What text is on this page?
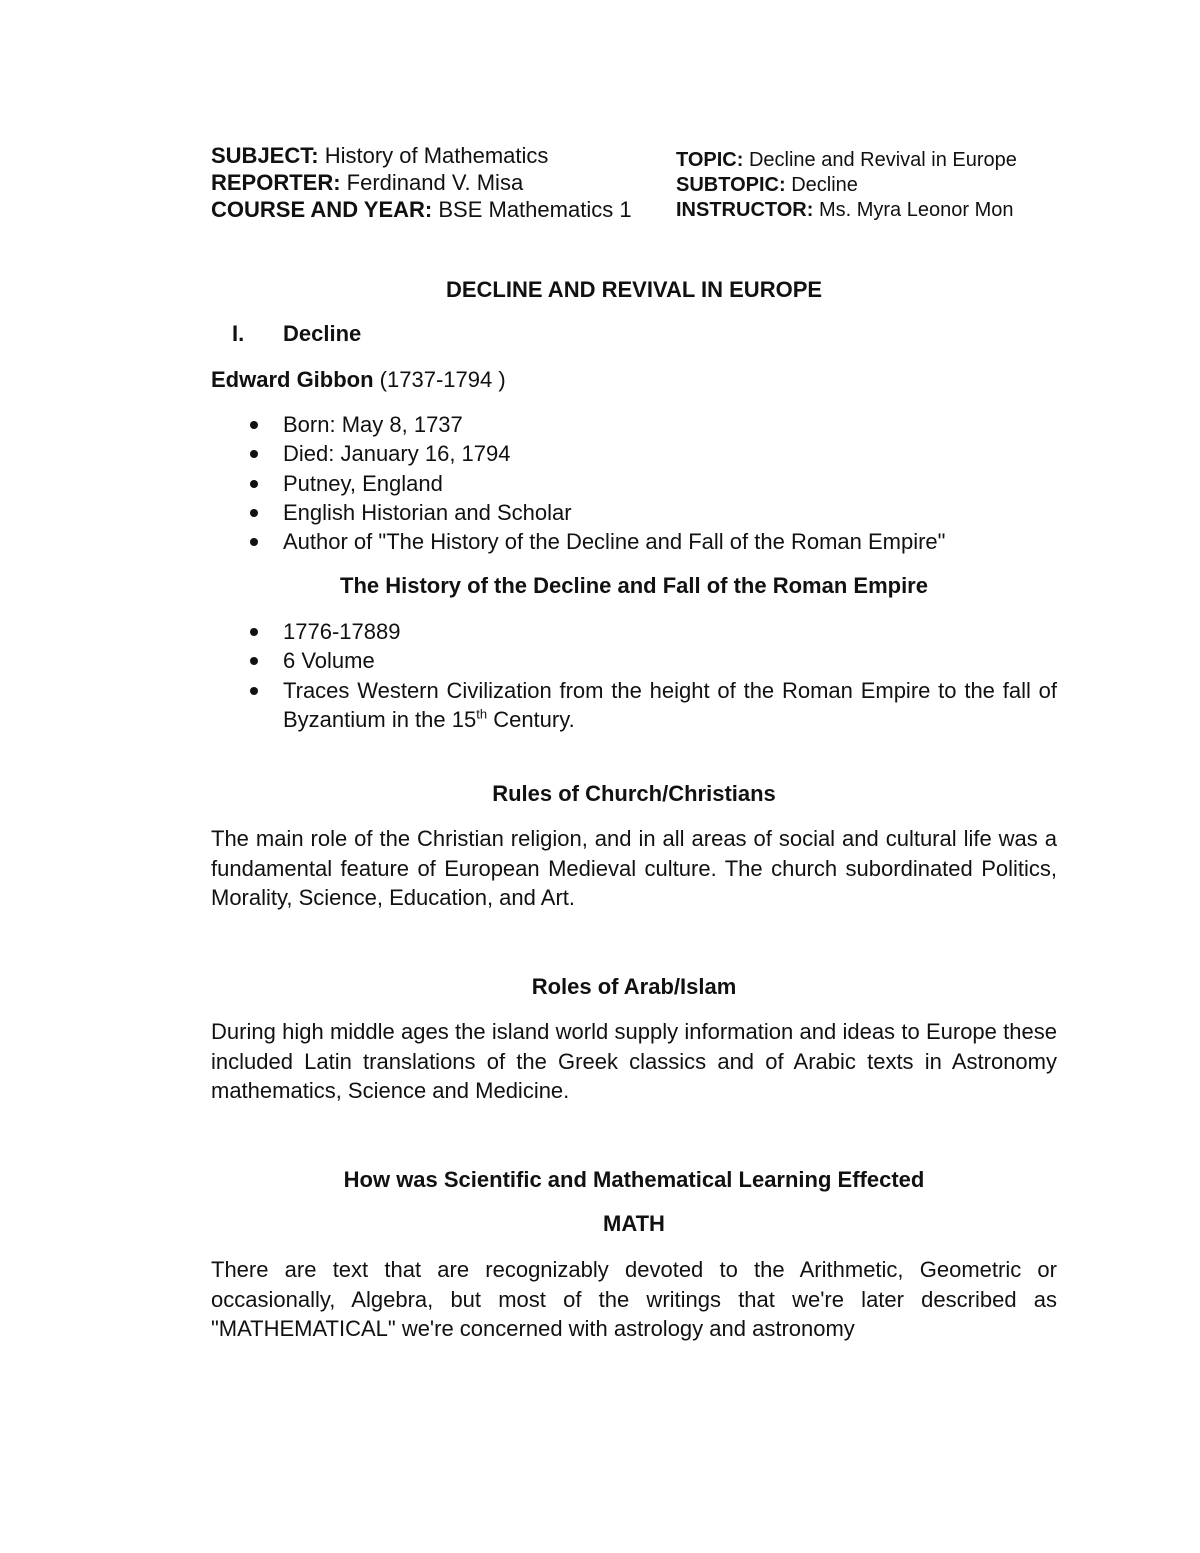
SUBJECT: History of Mathematics
REPORTER: Ferdinand V. Misa
COURSE AND YEAR: BSE Mathematics 1
TOPIC: Decline and Revival in Europe
SUBTOPIC: Decline
INSTRUCTOR: Ms. Myra Leonor Mon
DECLINE AND REVIVAL IN EUROPE
I. Decline
Edward Gibbon (1737-1794 )
Born: May 8, 1737
Died: January 16, 1794
Putney, England
English Historian and Scholar
Author of "The History of the Decline and Fall of the Roman Empire"
The History of the Decline and Fall of the Roman Empire
1776-17889
6 Volume
Traces Western Civilization from the height of the Roman Empire to the fall of Byzantium in the 15th Century.
Rules of Church/Christians
The main role of the Christian religion, and in all areas of social and cultural life was a fundamental feature of European Medieval culture. The church subordinated Politics, Morality, Science, Education, and Art.
Roles of Arab/Islam
During high middle ages the island world supply information and ideas to Europe these included Latin translations of the Greek classics and of Arabic texts in Astronomy mathematics, Science and Medicine.
How was Scientific and Mathematical Learning Effected
MATH
There are text that are recognizably devoted to the Arithmetic, Geometric or occasionally, Algebra, but most of the writings that we're later described as "MATHEMATICAL" we're concerned with astrology and astronomy
